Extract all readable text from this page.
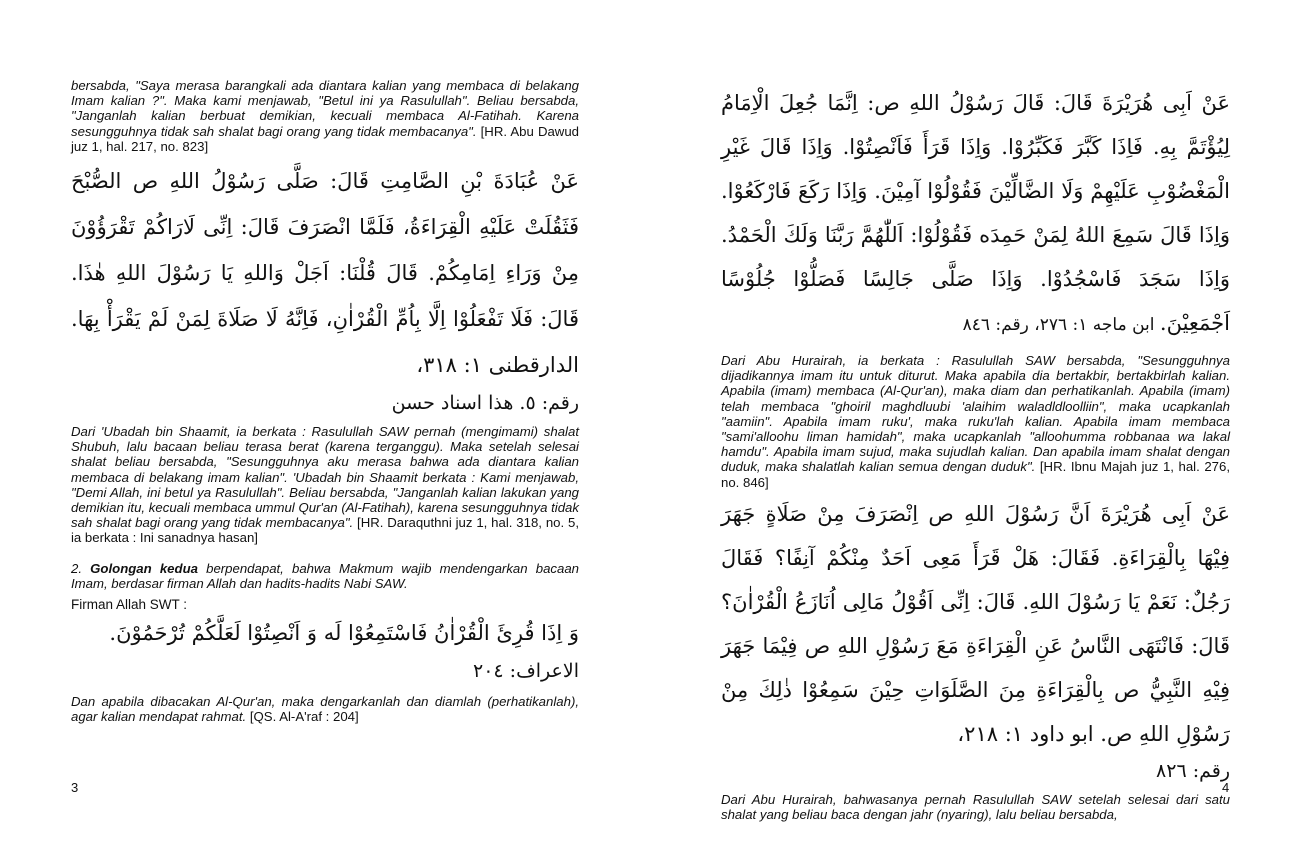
bersabda, "Saya merasa barangkali ada diantara kalian yang membaca di belakang Imam kalian ?". Maka kami menjawab, "Betul ini ya Rasulullah". Beliau bersabda, "Janganlah kalian berbuat demikian, kecuali membaca Al-Fatihah. Karena sesungguhnya tidak sah shalat bagi orang yang tidak membacanya". [HR. Abu Dawud juz 1, hal. 217, no. 823]

عَنْ عُبَادَةَ بْنِ الصَّامِتِ قَالَ: صَلَّى رَسُوْلُ اللهِ ص الصُّبْحَ فَثَقُلَتْ عَلَيْهِ الْقِرَاءَةُ، فَلَمَّا انْصَرَفَ قَالَ: اِنِّى لَارَاكُمْ تَقْرَؤُوْنَ مِنْ وَرَاءِ اِمَامِكُمْ. قَالَ قُلْنَا: اَجَلْ وَاللهِ يَا رَسُوْلَ اللهِ هٰذَا. قَالَ: فَلَا تَفْعَلُوْا اِلَّا بِاُمِّ الْقُرْاٰنِ، فَاِنَّهُ لَا صَلَاةَ لِمَنْ لَمْ يَقْرَأْ بِهَا. الدارقطنى ١: ٣١٨،

رقم: ٥. هذا اسناد حسن

Dari 'Ubadah bin Shaamit, ia berkata : Rasulullah SAW pernah (mengimami) shalat Shubuh, lalu bacaan beliau terasa berat (karena terganggu). Maka setelah selesai shalat beliau bersabda, "Sesungguhnya aku merasa bahwa ada diantara kalian membaca di belakang imam kalian". 'Ubadah bin Shaamit berkata : Kami menjawab, "Demi Allah, ini betul ya Rasulullah". Beliau bersabda, "Janganlah kalian lakukan yang demikian itu, kecuali membaca ummul Qur'an (Al-Fatihah), karena sesungguhnya tidak sah shalat bagi orang yang tidak membacanya". [HR. Daraquthni juz 1, hal. 318, no. 5, ia berkata : Ini sanadnya hasan]

2. Golongan kedua berpendapat, bahwa Makmum wajib mendengarkan bacaan Imam, berdasar firman Allah dan hadits-hadits Nabi SAW.

Firman Allah SWT :

وَ اِذَا قُرِئَ الْقُرْاٰنُ فَاسْتَمِعُوْا لَه وَ اَنْصِتُوْا لَعَلَّكُمْ تُرْحَمُوْنَ.

الاعراف: ٢٠٤

Dan apabila dibacakan Al-Qur'an, maka dengarkanlah dan diamlah (perhatikanlah), agar kalian mendapat rahmat. [QS. Al-A'raf : 204]

3

عَنْ اَبِى هُرَيْرَةَ قَالَ: قَالَ رَسُوْلُ اللهِ ص: اِنَّمَا جُعِلَ الْاِمَامُ لِيُؤْتَمَّ بِهِ. فَاِذَا كَبَّرَ فَكَبِّرُوْا. وَاِذَا قَرَأَ فَاَنْصِتُوْا. وَاِذَا قَالَ غَيْرِ الْمَغْضُوْبِ عَلَيْهِمْ وَلَا الضَّالِّيْنَ فَقُوْلُوْا آمِيْنَ. وَاِذَا رَكَعَ فَارْكَعُوْا. وَاِذَا قَالَ سَمِعَ اللهُ لِمَنْ حَمِدَه فَقُوْلُوْا: اَللّٰهُمَّ رَبَّنَا وَلَكَ الْحَمْدُ. وَاِذَا سَجَدَ فَاسْجُدُوْا. وَاِذَا صَلَّى جَالِسًا فَصَلُّوْا جُلُوْسًا اَجْمَعِيْنَ. ابن ماجه ١: ٢٧٦، رقم: ٨٤٦

Dari Abu Hurairah, ia berkata : Rasulullah SAW bersabda, "Sesungguhnya dijadikannya imam itu untuk diturut. Maka apabila dia bertakbir, bertakbirlah kalian. Apabila (imam) membaca (Al-Qur'an), maka diam dan perhatikanlah. Apabila (imam) telah membaca "ghoiril maghdluubi 'alaihim waladldloolliin", maka ucapkanlah "aamiin". Apabila imam ruku', maka ruku'lah kalian. Apabila imam membaca "sami'alloohu liman hamidah", maka ucapkanlah "alloohumma robbanaa wa lakal hamdu". Apabila imam sujud, maka sujudlah kalian. Dan apabila imam shalat dengan duduk, maka shalatlah kalian semua dengan duduk". [HR. Ibnu Majah juz 1, hal. 276, no. 846]

عَنْ اَبِى هُرَيْرَةَ اَنَّ رَسُوْلَ اللهِ ص اِنْصَرَفَ مِنْ صَلَاةٍ جَهَرَ فِيْهَا بِالْقِرَاءَةِ. فَقَالَ: هَلْ قَرَأَ مَعِى اَحَدٌ مِنْكُمْ آنِفًا؟ فَقَالَ رَجُلٌ: نَعَمْ يَا رَسُوْلَ اللهِ. قَالَ: اِنِّى اَقُوْلُ مَالِى اُنَازَعُ الْقُرْاٰنَ؟ قَالَ: فَانْتَهَى النَّاسُ عَنِ الْقِرَاءَةِ مَعَ رَسُوْلِ اللهِ ص فِيْمَا جَهَرَ فِيْهِ النَّبِيُّ ص بِالْقِرَاءَةِ مِنَ الصَّلَوَاتِ حِيْنَ سَمِعُوْا ذٰلِكَ مِنْ رَسُوْلِ اللهِ ص. ابو داود ١: ٢١٨،

رقم: ٨٢٦

Dari Abu Hurairah, bahwasanya pernah Rasulullah SAW setelah selesai dari satu shalat yang beliau baca dengan jahr (nyaring), lalu beliau bersabda,

4
